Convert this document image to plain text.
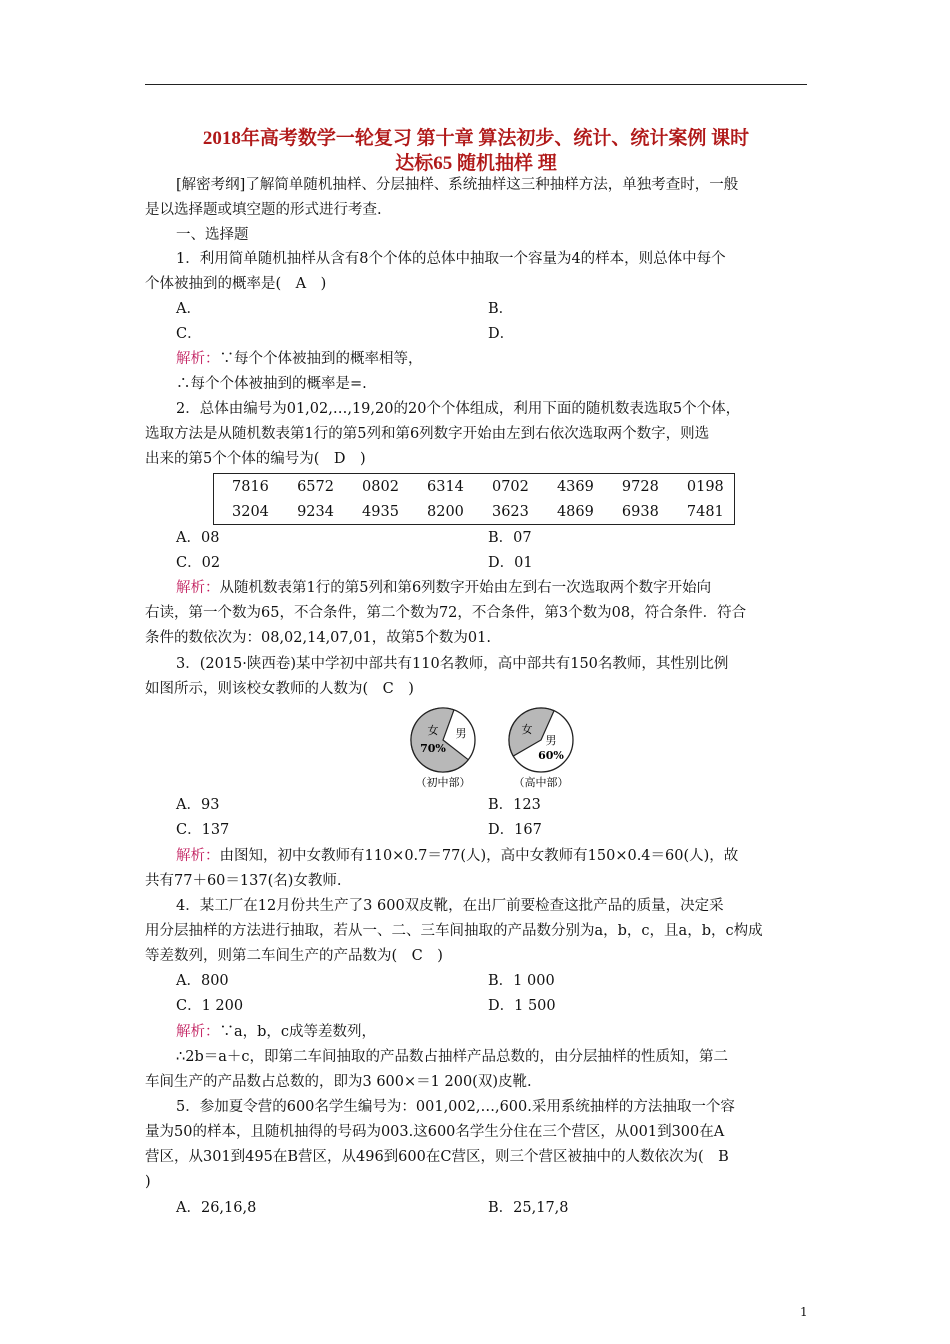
2018年高考数学一轮复习 第十章 算法初步、统计、统计案例 课时
达标65 随机抽样 理
[解密考纲]了解简单随机抽样、分层抽样、系统抽样这三种抽样方法，单独考查时，一般
是以选择题或填空题的形式进行考查.
一、选择题
1．利用简单随机抽样从含有8个个体的总体中抽取一个容量为4的样本，则总体中每个
个体被抽到的概率是(　A　)
A．	B．
C．	D．
解析：∵每个个体被抽到的概率相等，
∴每个个体被抽到的概率是=.
2．总体由编号为01,02,…,19,20的20个个体组成，利用下面的随机数表选取5个个体，
选取方法是从随机数表第1行的第5列和第6列数字开始由左到右依次选取两个数字，则选
出来的第5个个体的编号为(　D　)
7816	6572	0802	6314	0702	4369	9728	0198
3204	9234	4935	8200	3623	4869	6938	7481
A．08	B．07
C．02	D．01
解析：从随机数表第1行的第5列和第6列数字开始由左到右一次选取两个数字开始向
右读，第一个数为65，不合条件，第二个数为72，不合条件，第3个数为08，符合条件．符合
条件的数依次为：08,02,14,07,01，故第5个数为01.
3．(2015·陕西卷)某中学初中部共有110名教师，高中部共有150名教师，其性别比例
如图所示，则该校女教师的人数为(　C　)
女 男
70%
（初中部）
女
男
60%
（高中部）
A．93	B．123
C．137	D．167
解析：由图知，初中女教师有110×0.7＝77(人)，高中女教师有150×0.4＝60(人)，故
共有77＋60＝137(名)女教师.
4．某工厂在12月份共生产了3 600双皮靴，在出厂前要检查这批产品的质量，决定采
用分层抽样的方法进行抽取，若从一、二、三车间抽取的产品数分别为a，b，c，且a，b，c构成
等差数列，则第二车间生产的产品数为(　C　)
A．800	B．1 000
C．1 200	D．1 500
解析：∵a，b，c成等差数列，
∴2b＝a＋c，即第二车间抽取的产品数占抽样产品总数的，由分层抽样的性质知，第二
车间生产的产品数占总数的，即为3 600×＝1 200(双)皮靴.
5．参加夏令营的600名学生编号为：001,002,…,600.采用系统抽样的方法抽取一个容
量为50的样本，且随机抽得的号码为003.这600名学生分住在三个营区，从001到300在A
营区，从301到495在B营区，从496到600在C营区，则三个营区被抽中的人数依次为(　B
)
A．26,16,8	B．25,17,8
1
